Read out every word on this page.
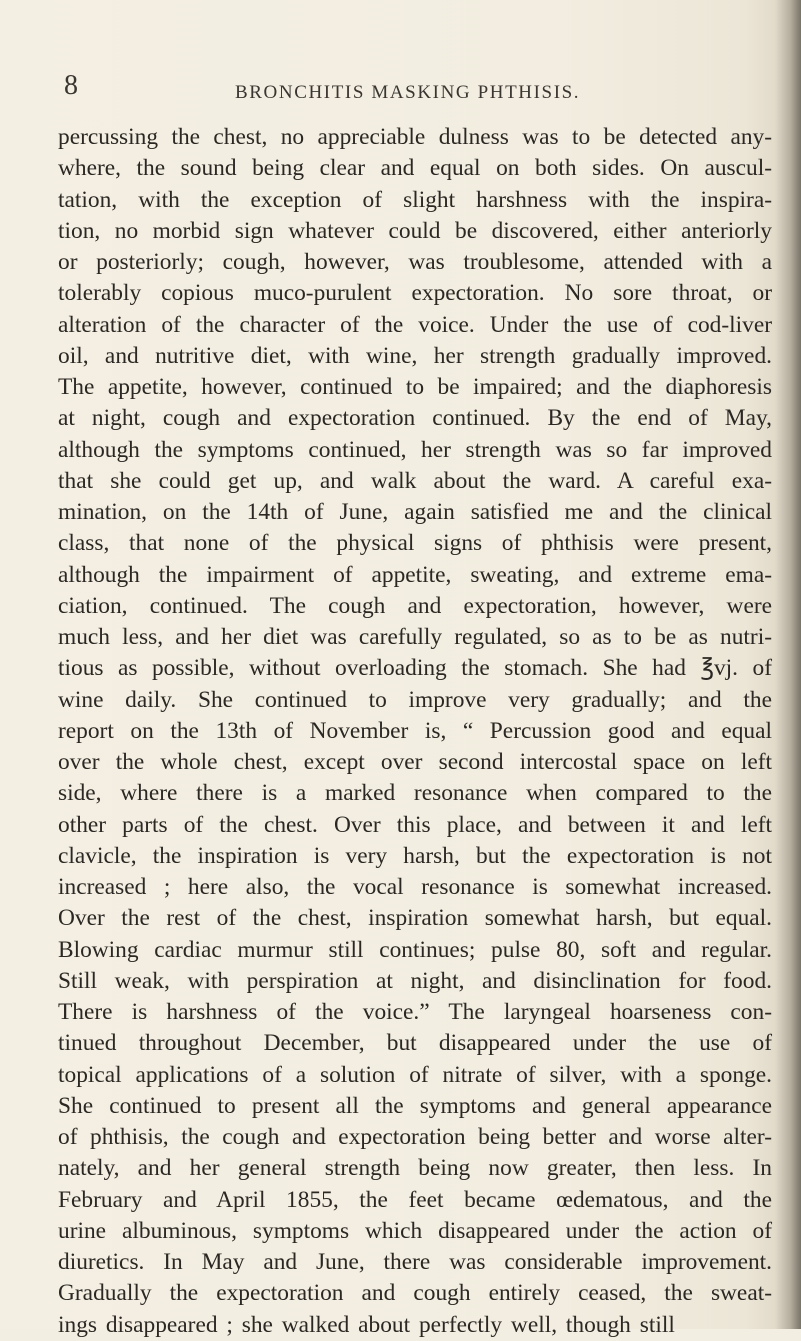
8	BRONCHITIS MASKING PHTHISIS.
percussing the chest, no appreciable dulness was to be detected any-
where, the sound being clear and equal on both sides. On auscul-
tation, with the exception of slight harshness with the inspira-
tion, no morbid sign whatever could be discovered, either anteriorly
or posteriorly; cough, however, was troublesome, attended with a
tolerably copious muco-purulent expectoration. No sore throat, or
alteration of the character of the voice. Under the use of cod-liver
oil, and nutritive diet, with wine, her strength gradually improved.
The appetite, however, continued to be impaired; and the diaphoresis
at night, cough and expectoration continued. By the end of May,
although the symptoms continued, her strength was so far improved
that she could get up, and walk about the ward. A careful exa-
mination, on the 14th of June, again satisfied me and the clinical
class, that none of the physical signs of phthisis were present,
although the impairment of appetite, sweating, and extreme ema-
ciation, continued. The cough and expectoration, however, were
much less, and her diet was carefully regulated, so as to be as nutri-
tious as possible, without overloading the stomach. She had ℥vj. of
wine daily. She continued to improve very gradually; and the
report on the 13th of November is, “ Percussion good and equal
over the whole chest, except over second intercostal space on left
side, where there is a marked resonance when compared to the
other parts of the chest. Over this place, and between it and left
clavicle, the inspiration is very harsh, but the expectoration is not
increased ; here also, the vocal resonance is somewhat increased.
Over the rest of the chest, inspiration somewhat harsh, but equal.
Blowing cardiac murmur still continues; pulse 80, soft and regular.
Still weak, with perspiration at night, and disinclination for food.
There is harshness of the voice.” The laryngeal hoarseness con-
tinued throughout December, but disappeared under the use of
topical applications of a solution of nitrate of silver, with a sponge.
She continued to present all the symptoms and general appearance
of phthisis, the cough and expectoration being better and worse alter-
nately, and her general strength being now greater, then less. In
February and April 1855, the feet became œdematous, and the
urine albuminous, symptoms which disappeared under the action of
diuretics. In May and June, there was considerable improvement.
Gradually the expectoration and cough entirely ceased, the sweat-
ings disappeared ; she walked about perfectly well, though still
